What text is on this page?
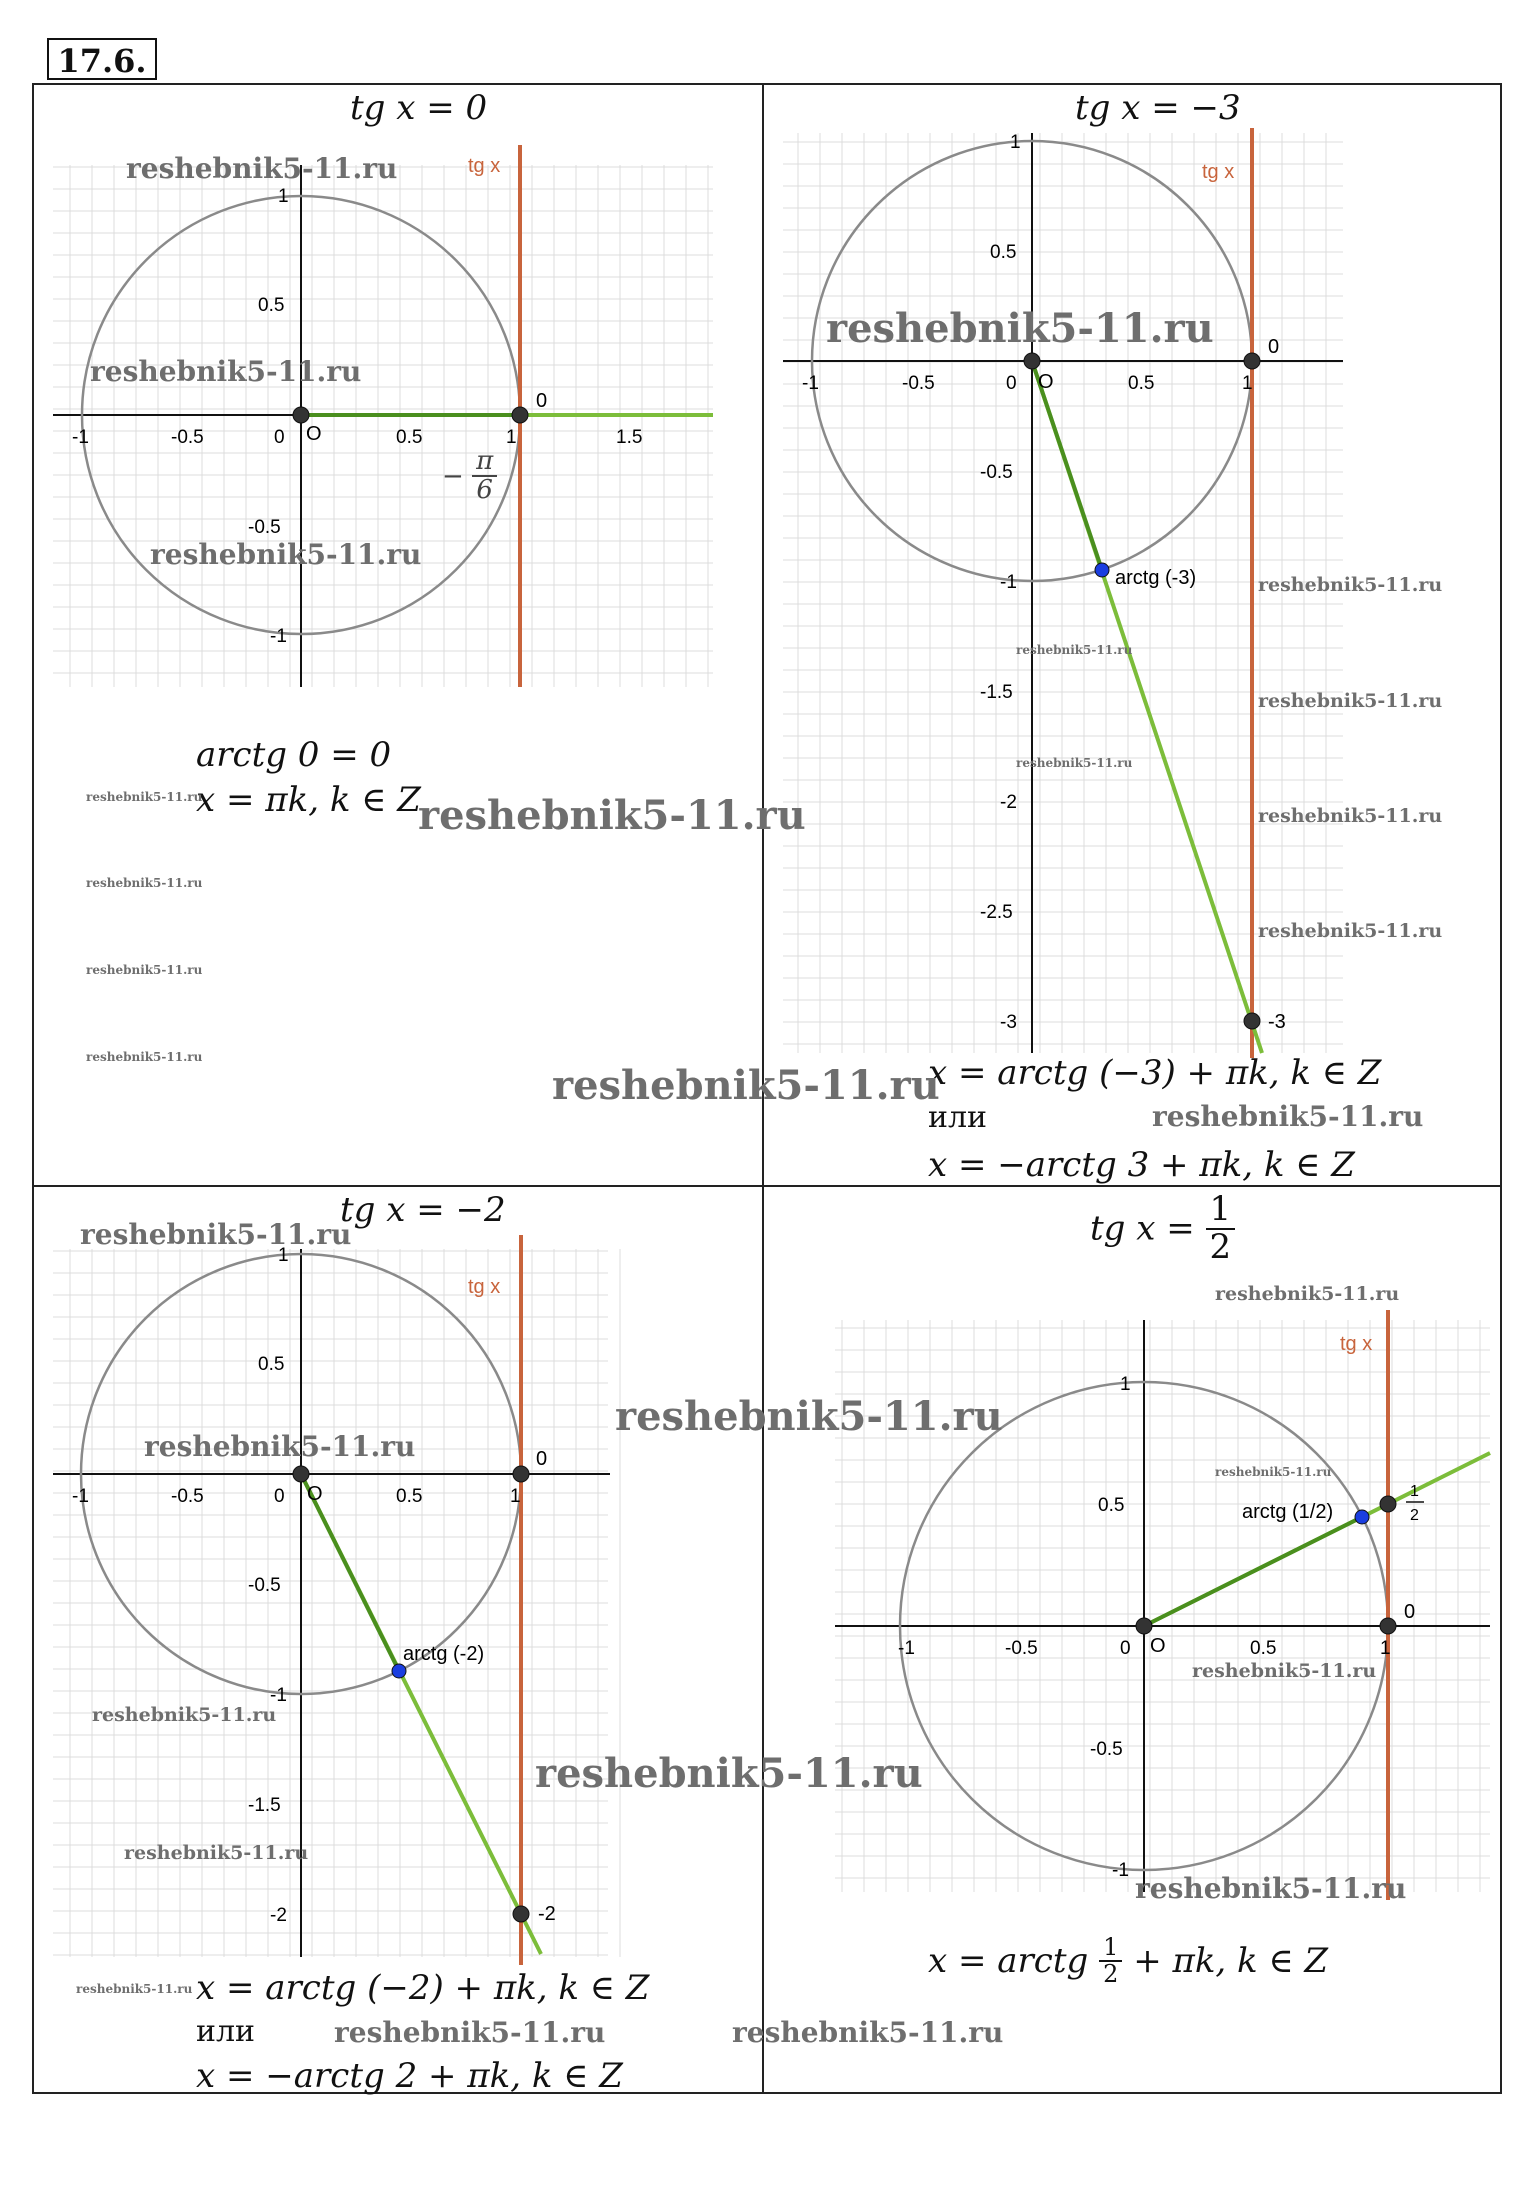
17.6.
tg x = 0
tg x
0
O
-1	-0.5	0	0.5	1	1.5
1
0.5
-0.5
-1
− $\frac{\pi}{6}$
arctg 0 = 0
x = πk, k ∈ Z
tg x = −3
tg x
0
O
arctg (-3)
-3
-1	-0.5	0	0.5	1
1
0.5
-0.5
-1
-1.5
-2
-2.5
-3
x = arctg (−3) + πk, k ∈ Z
или
x = −arctg 3 + πk, k ∈ Z
tg x = −2
tg x
0
O
arctg (-2)
-2
-1	-0.5	0	0.5	1
1
0.5
-0.5
-1
-1.5
-2
x = arctg (−2) + πk, k ∈ Z
или
x = −arctg 2 + πk, k ∈ Z
tg $x = \frac{1}{2}$
tg x
0
O
arctg (1/2)
1
2
-1	-0.5	0	0.5	1
1
0.5
-0.5
-1
x = arctg $\frac{1}{2} + \pi k$, k ∈ Z
reshebnik5-11.ru
reshebnik5-11.ru
reshebnik5-11.ru
reshebnik5-11.ru
reshebnik5-11.ru
reshebnik5-11.ru
reshebnik5-11.ru
reshebnik5-11.ru
reshebnik5-11.ru
reshebnik5-11.ru
reshebnik5-11.ru
reshebnik5-11.ru
reshebnik5-11.ru
reshebnik5-11.ru
reshebnik5-11.ru
reshebnik5-11.ru
reshebnik5-11.ru
reshebnik5-11.ru
reshebnik5-11.ru
reshebnik5-11.ru
reshebnik5-11.ru
reshebnik5-11.ru
reshebnik5-11.ru
reshebnik5-11.ru
reshebnik5-11.ru
reshebnik5-11.ru
reshebnik5-11.ru
reshebnik5-11.ru
reshebnik5-11.ru	reshebnik5-11.ru
